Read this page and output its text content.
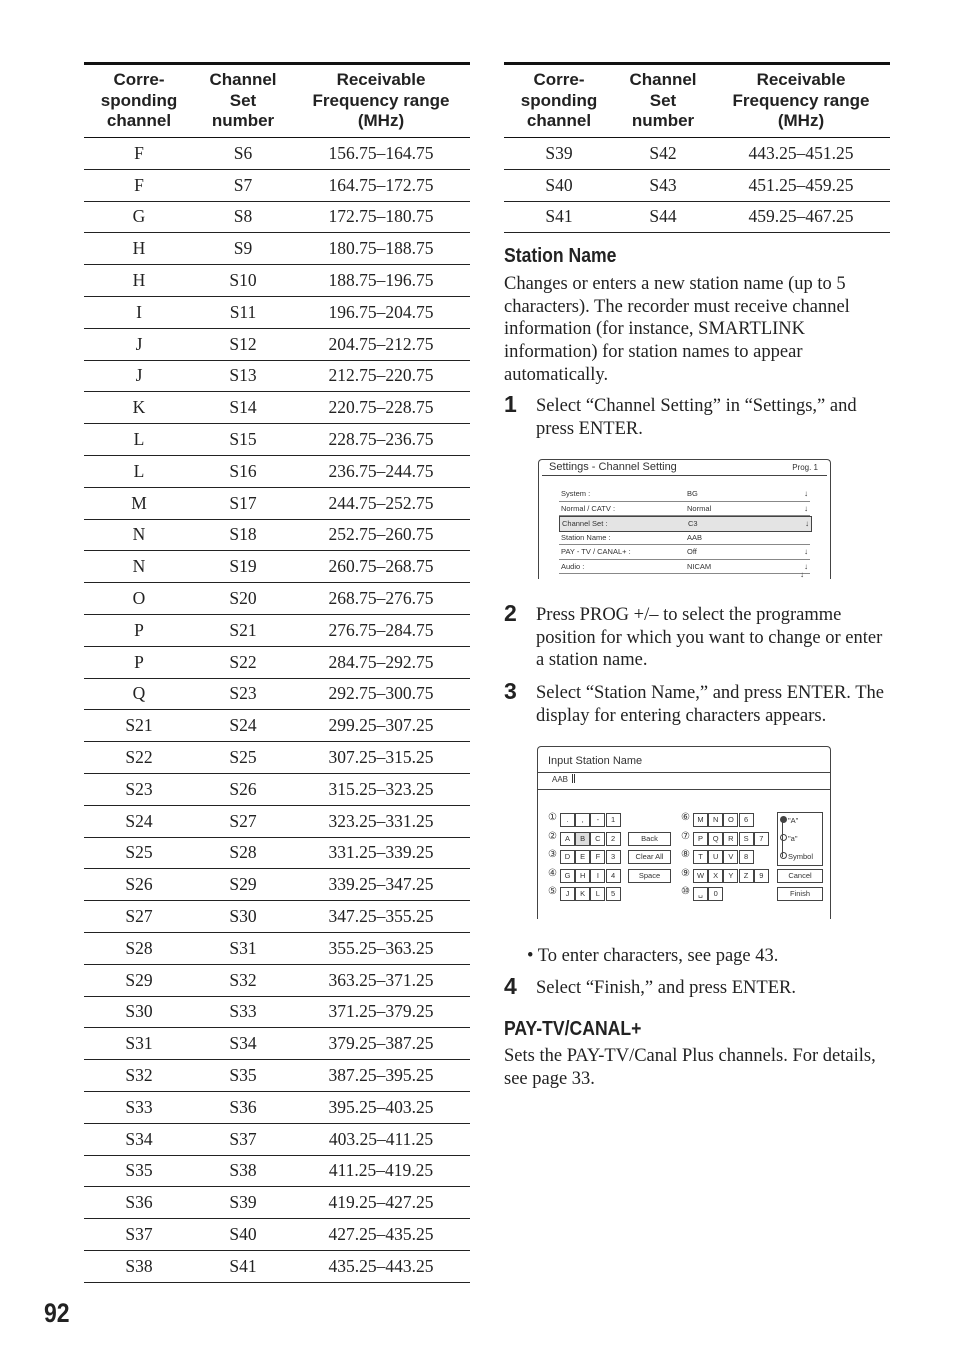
Corre-
sponding
channel	Channel
Set
number	Receivable
Frequency range
(MHz)
F	S6	156.75–164.75
F	S7	164.75–172.75
G	S8	172.75–180.75
H	S9	180.75–188.75
H	S10	188.75–196.75
I	S11	196.75–204.75
J	S12	204.75–212.75
J	S13	212.75–220.75
K	S14	220.75–228.75
L	S15	228.75–236.75
L	S16	236.75–244.75
M	S17	244.75–252.75
N	S18	252.75–260.75
N	S19	260.75–268.75
O	S20	268.75–276.75
P	S21	276.75–284.75
P	S22	284.75–292.75
Q	S23	292.75–300.75
S21	S24	299.25–307.25
S22	S25	307.25–315.25
S23	S26	315.25–323.25
S24	S27	323.25–331.25
S25	S28	331.25–339.25
S26	S29	339.25–347.25
S27	S30	347.25–355.25
S28	S31	355.25–363.25
S29	S32	363.25–371.25
S30	S33	371.25–379.25
S31	S34	379.25–387.25
S32	S35	387.25–395.25
S33	S36	395.25–403.25
S34	S37	403.25–411.25
S35	S38	411.25–419.25
S36	S39	419.25–427.25
S37	S40	427.25–435.25
S38	S41	435.25–443.25
Corre-
sponding
channel	Channel
Set
number	Receivable
Frequency range
(MHz)
S39	S42	443.25–451.25
S40	S43	451.25–459.25
S41	S44	459.25–467.25
Station Name
Changes or enters a new station name (up to 5 characters). The recorder must receive channel information (for instance, SMARTLINK information) for station names to appear automatically.
1 Select “Channel Setting” in “Settings,” and press ENTER.
Settings - Channel Setting	Prog. 1
System :	BG	↓
Normal / CATV :	Normal	↓
Channel Set :	C3	↓
Station Name :	AAB
PAY - TV / CANAL+ :	Off	↓
Audio :	NICAM	↓
↓
2 Press PROG +/– to select the programme position for which you want to change or enter a station name.
3 Select “Station Name,” and press ENTER. The display for entering characters appears.
Input Station Name
AAB
①	.	,	-	1
②	A	B	C	2
③	D	E	F	3
④	G	H	I	4
⑤	J	K	L	5
Back
Clear All
Space
⑥ M	N	O	6
⑦	P	Q	R	S	7
⑧	T	U	V	8
⑨ W	X	Y	Z	9
⑩	␣	0
"A"
"a"
Symbol
Cancel
Finish
• To enter characters, see page 43.
4 Select “Finish,” and press ENTER.
PAY-TV/CANAL+
Sets the PAY-TV/Canal Plus channels. For details, see page 33.
92
